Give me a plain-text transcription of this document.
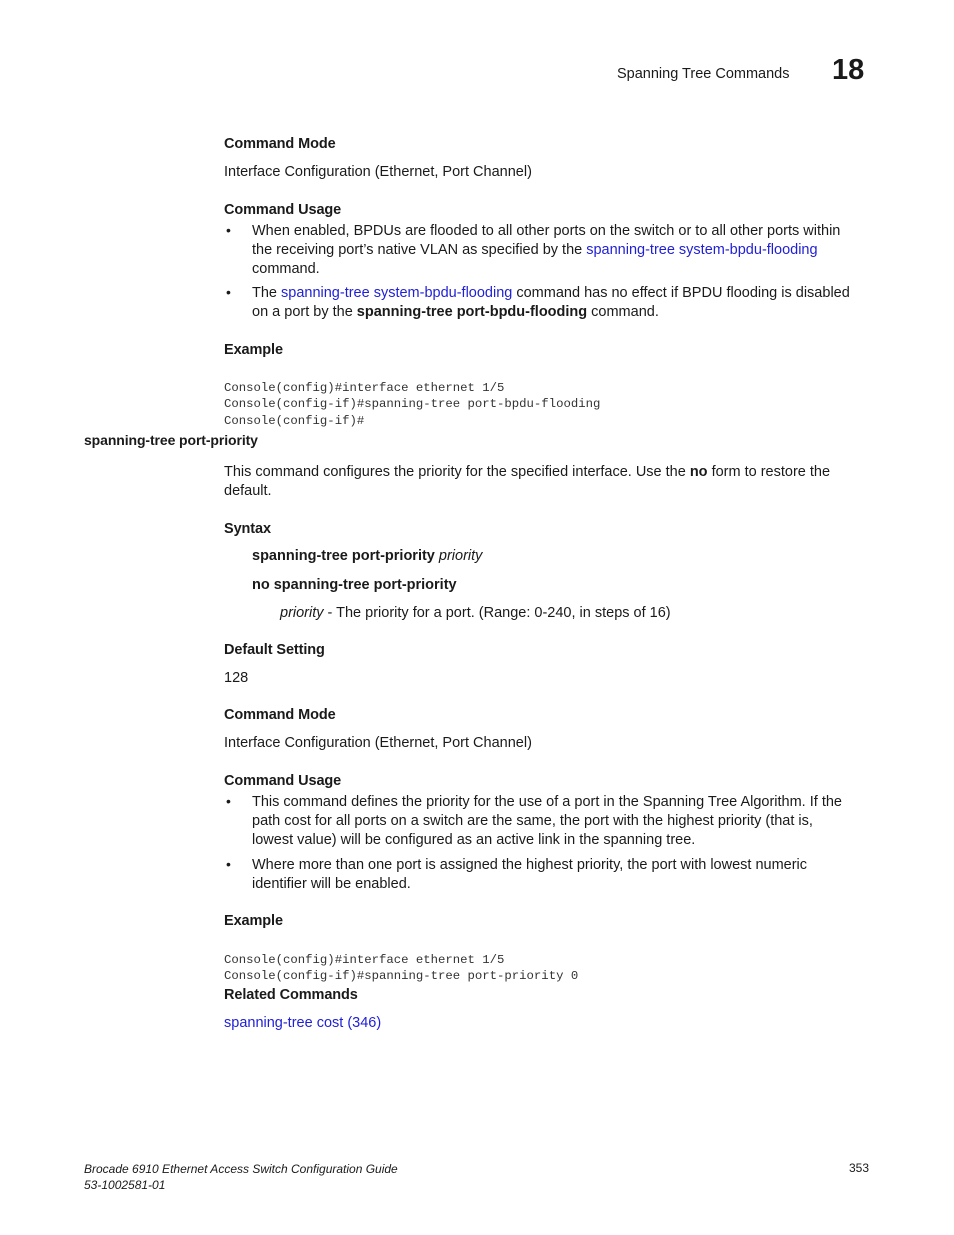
Spanning Tree Commands 18
Command Mode
Interface Configuration (Ethernet, Port Channel)
Command Usage
• When enabled, BPDUs are flooded to all other ports on the switch or to all other ports within
the receiving port’s native VLAN as specified by the spanning-tree system-bpdu-flooding
command.
• The spanning-tree system-bpdu-flooding command has no effect if BPDU flooding is disabled
on a port by the spanning-tree port-bpdu-flooding command.
Example

Console(config)#interface ethernet 1/5
Console(config-if)#spanning-tree port-bpdu-flooding
Console(config-if)#

spanning-tree port-priority
This command configures the priority for the specified interface. Use the no form to restore the
default.
Syntax
spanning-tree port-priority priority
no spanning-tree port-priority
priority - The priority for a port. (Range: 0-240, in steps of 16)
Default Setting
128
Command Mode
Interface Configuration (Ethernet, Port Channel)
Command Usage
• This command defines the priority for the use of a port in the Spanning Tree Algorithm. If the
path cost for all ports on a switch are the same, the port with the highest priority (that is,
lowest value) will be configured as an active link in the spanning tree.
• Where more than one port is assigned the highest priority, the port with lowest numeric
identifier will be enabled.
Example

Console(config)#interface ethernet 1/5
Console(config-if)#spanning-tree port-priority 0

Related Commands
spanning-tree cost (346)
Brocade 6910 Ethernet Access Switch Configuration Guide
53-1002581-01
353
